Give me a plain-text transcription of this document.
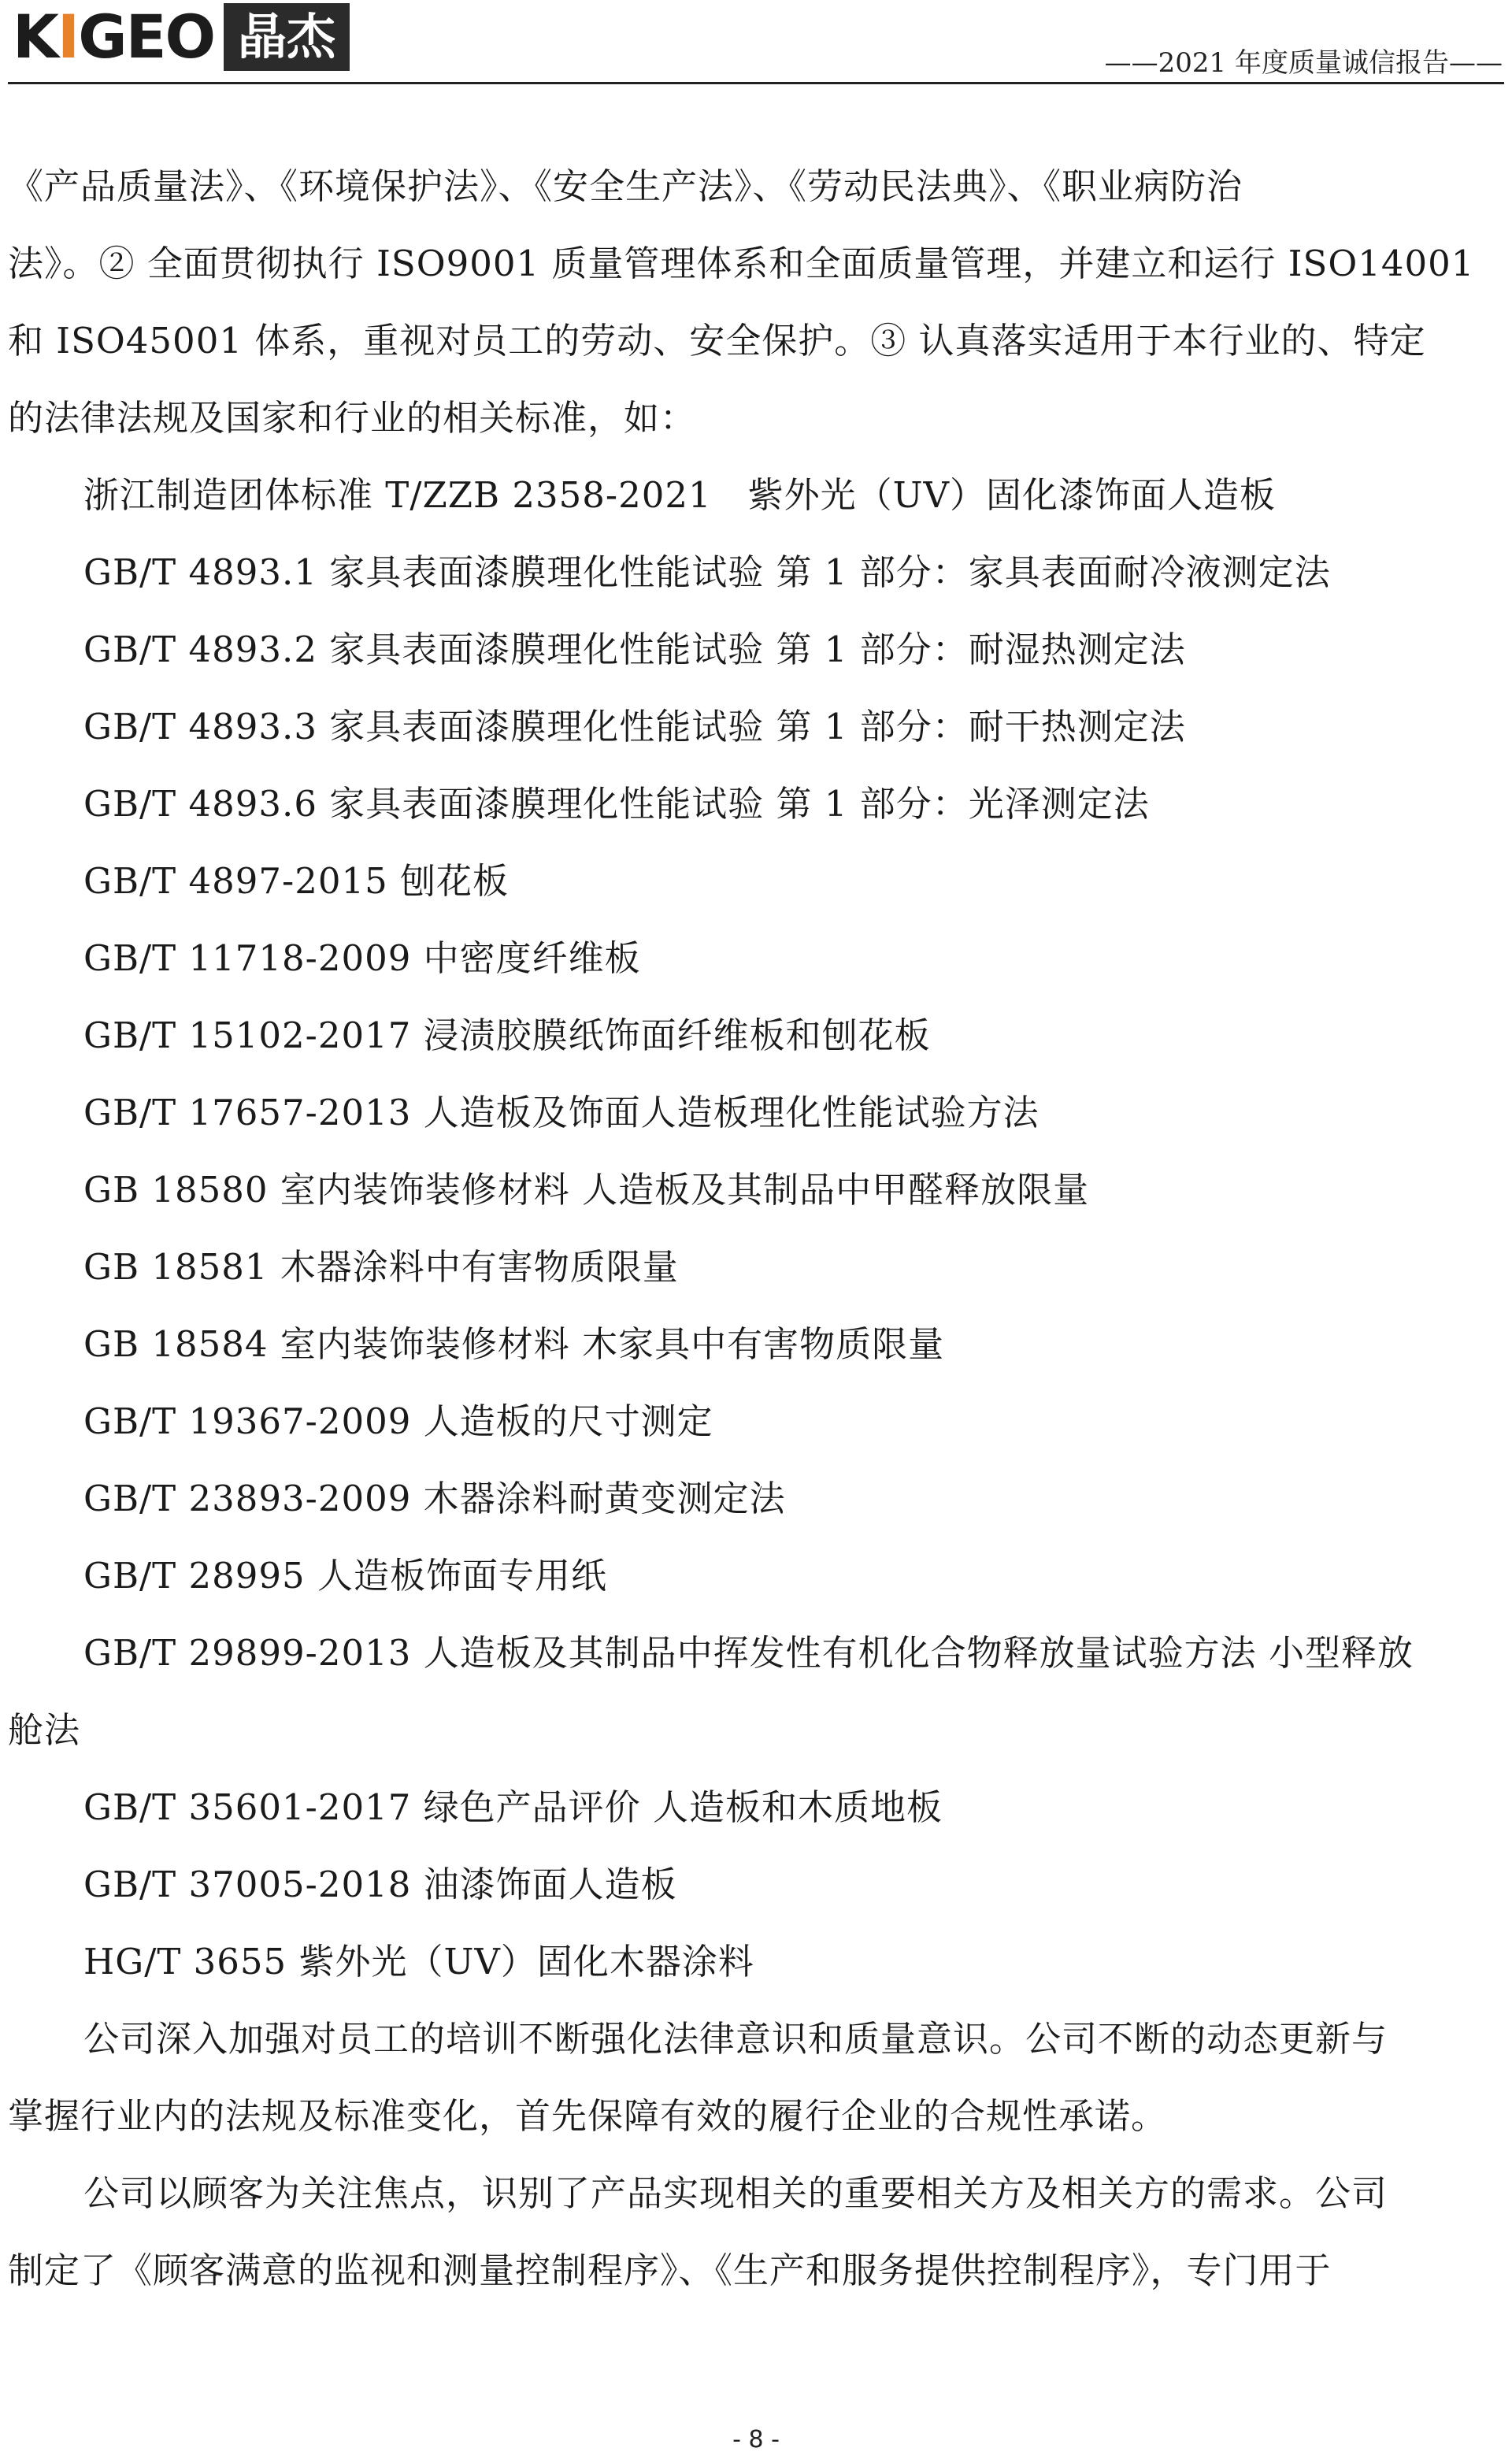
K I GEO 晶杰	——2021 年度质量诚信报告——
《产品质量法》、《环境保护法》、《安全生产法》、《劳动民法典》、《职业病防治
法》。② 全面贯彻执行 ISO9001 质量管理体系和全面质量管理，并建立和运行 ISO14001
和 ISO45001 体系，重视对员工的劳动、安全保护。③ 认真落实适用于本行业的、特定
的法律法规及国家和行业的相关标准，如：
浙江制造团体标准 T/ZZB 2358-2021　紫外光（UV）固化漆饰面人造板
GB/T 4893.1 家具表面漆膜理化性能试验 第 1 部分：家具表面耐冷液测定法
GB/T 4893.2 家具表面漆膜理化性能试验 第 1 部分：耐湿热测定法
GB/T 4893.3 家具表面漆膜理化性能试验 第 1 部分：耐干热测定法
GB/T 4893.6 家具表面漆膜理化性能试验 第 1 部分：光泽测定法
GB/T 4897-2015 刨花板
GB/T 11718-2009 中密度纤维板
GB/T 15102-2017 浸渍胶膜纸饰面纤维板和刨花板
GB/T 17657-2013 人造板及饰面人造板理化性能试验方法
GB 18580 室内装饰装修材料 人造板及其制品中甲醛释放限量
GB 18581 木器涂料中有害物质限量
GB 18584 室内装饰装修材料 木家具中有害物质限量
GB/T 19367-2009 人造板的尺寸测定
GB/T 23893-2009 木器涂料耐黄变测定法
GB/T 28995 人造板饰面专用纸
GB/T 29899-2013 人造板及其制品中挥发性有机化合物释放量试验方法 小型释放
舱法
GB/T 35601-2017 绿色产品评价 人造板和木质地板
GB/T 37005-2018 油漆饰面人造板
HG/T 3655 紫外光（UV）固化木器涂料
公司深入加强对员工的培训不断强化法律意识和质量意识。公司不断的动态更新与
掌握行业内的法规及标准变化，首先保障有效的履行企业的合规性承诺。
公司以顾客为关注焦点，识别了产品实现相关的重要相关方及相关方的需求。公司
制定了《顾客满意的监视和测量控制程序》、《生产和服务提供控制程序》，专门用于
- 8 -
